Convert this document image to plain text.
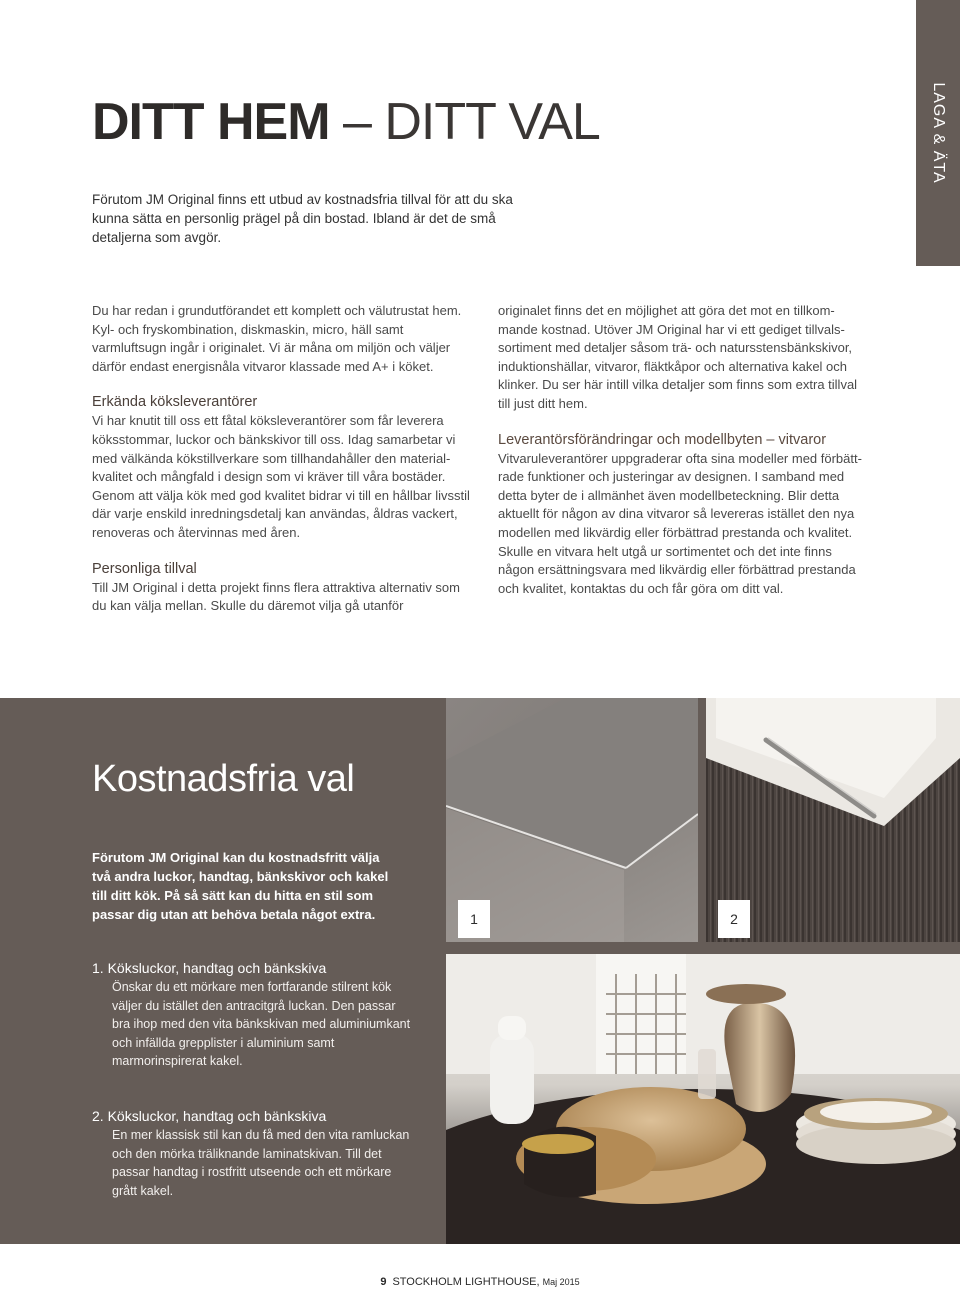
LAGA & ÄTA
DITT HEM – DITT VAL
Förutom JM Original finns ett utbud av kostnadsfria tillval för att du ska kunna sätta en personlig prägel på din bostad. Ibland är det de små detaljerna som avgör.

Du har redan i grundutförandet ett komplett och välutrustat hem. Kyl- och fryskombination, diskmaskin, micro, häll samt varmluftsugn ingår i originalet. Vi är måna om miljön och väljer därför endast energisnåla vitvaror klassade med A+ i köket.

Erkända köksleverantörer

Vi har knutit till oss ett fåtal köksleverantörer som får leverera köksstommar, luckor och bänkskivor till oss. Idag samarbetar vi med välkända kökstillverkare som tillhandahåller den material-kvalitet och mångfald i design som vi kräver till våra bostäder. Genom att välja kök med god kvalitet bidrar vi till en hållbar livsstil där varje enskild inredningsdetalj kan användas, åldras vackert, renoveras och återvinnas med åren.

Personliga tillval

Till JM Original i detta projekt finns flera attraktiva alternativ som du kan välja mellan. Skulle du däremot vilja gå utanför

originalet finns det en möjlighet att göra det mot en tillkom-mande kostnad. Utöver JM Original har vi ett gediget tillvals-sortiment med detaljer såsom trä- och natursstensbänkskivor, induktionshällar, vitvaror, fläktkåpor och alternativa kakel och klinker. Du ser här intill vilka detaljer som finns som extra tillval till just ditt hem.

Leverantörsförändringar och modellbyten – vitvaror

Vitvaruleverantörer uppgraderar ofta sina modeller med förbätt-rade funktioner och justeringar av designen. I samband med detta byter de i allmänhet även modellbeteckning. Blir detta aktuellt för någon av dina vitvaror så levereras istället den nya modellen med likvärdig eller förbättrad prestanda och kvalitet. Skulle en vitvara helt utgå ur sortimentet och det inte finns någon ersättningsvara med likvärdig eller förbättrad prestanda och kvalitet, kontaktas du och får göra om ditt val.

Kostnadsfria val
Förutom JM Original kan du kostnadsfritt välja två andra luckor, handtag, bänkskivor och kakel till ditt kök. På så sätt kan du hitta en stil som passar dig utan att behöva betala något extra.
1. Köksluckor, handtag och bänkskiva

Önskar du ett mörkare men fortfarande stilrent kök väljer du istället den antracitgrå luckan. Den passar bra ihop med den vita bänkskivan med aluminiumkant och infällda grepplister i aluminium samt marmorinspirerat kakel.

2. Köksluckor, handtag och bänkskiva

En mer klassisk stil kan du få med den vita ramluckan och den mörka träliknande laminatskivan. Till det passar handtag i rostfritt utseende och ett mörkare grått kakel.

1	2
9 STOCKHOLM LIGHTHOUSE, Maj 2015
